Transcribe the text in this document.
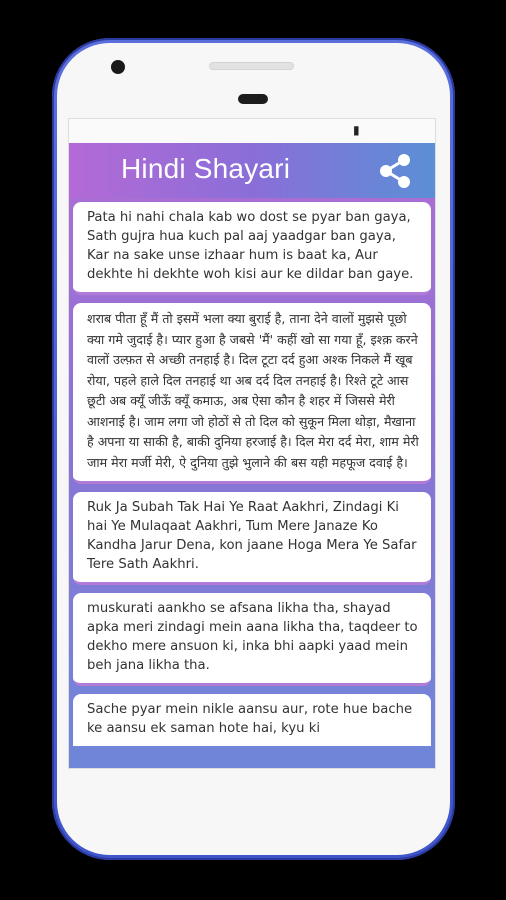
▮
Hindi Shayari

Pata hi nahi chala kab wo dost se pyar ban gaya, Sath gujra hua kuch pal aaj yaadgar ban gaya, Kar na sake unse izhaar hum is baat ka, Aur dekhte hi dekhte woh kisi aur ke dildar ban gaye.

शराब पीता हूँ मैं तो इसमें भला क्या बुराई है, ताना देने वालों मुझसे पूछो क्या गमे जुदाई है। प्यार हुआ है जबसे 'मैं' कहीं खो सा गया हूँ, इश्क़ करने वालों उल्फ़त से अच्छी तनहाई है। दिल टूटा दर्द हुआ अश्क निकले मैं खूब रोया, पहले हाले दिल तनहाई था अब दर्द दिल तनहाई है। रिश्ते टूटे आस छूटी अब क्यूँ जीऊँ क्यूँ कमाऊ, अब ऐसा कौन है शहर में जिससे मेरी आशनाई है। जाम लगा जो होठों से तो दिल को सुकून मिला थोड़ा, मैखाना है अपना या साकी है, बाकी दुनिया हरजाई है। दिल मेरा दर्द मेरा, शाम मेरी जाम मेरा मर्जी मेरी, ऐ दुनिया तुझे भुलाने की बस यही महफूज दवाई है।

Ruk Ja Subah Tak Hai Ye Raat Aakhri, Zindagi Ki hai Ye Mulaqaat Aakhri, Tum Mere Janaze Ko Kandha Jarur Dena, kon jaane Hoga Mera Ye Safar Tere Sath Aakhri.

muskurati aankho se afsana likha tha, shayad apka meri zindagi mein aana likha tha, taqdeer to dekho mere ansuon ki, inka bhi aapki yaad mein beh jana likha tha.

Sache pyar mein nikle aansu aur, rote hue bache ke aansu ek saman hote hai, kyu ki
